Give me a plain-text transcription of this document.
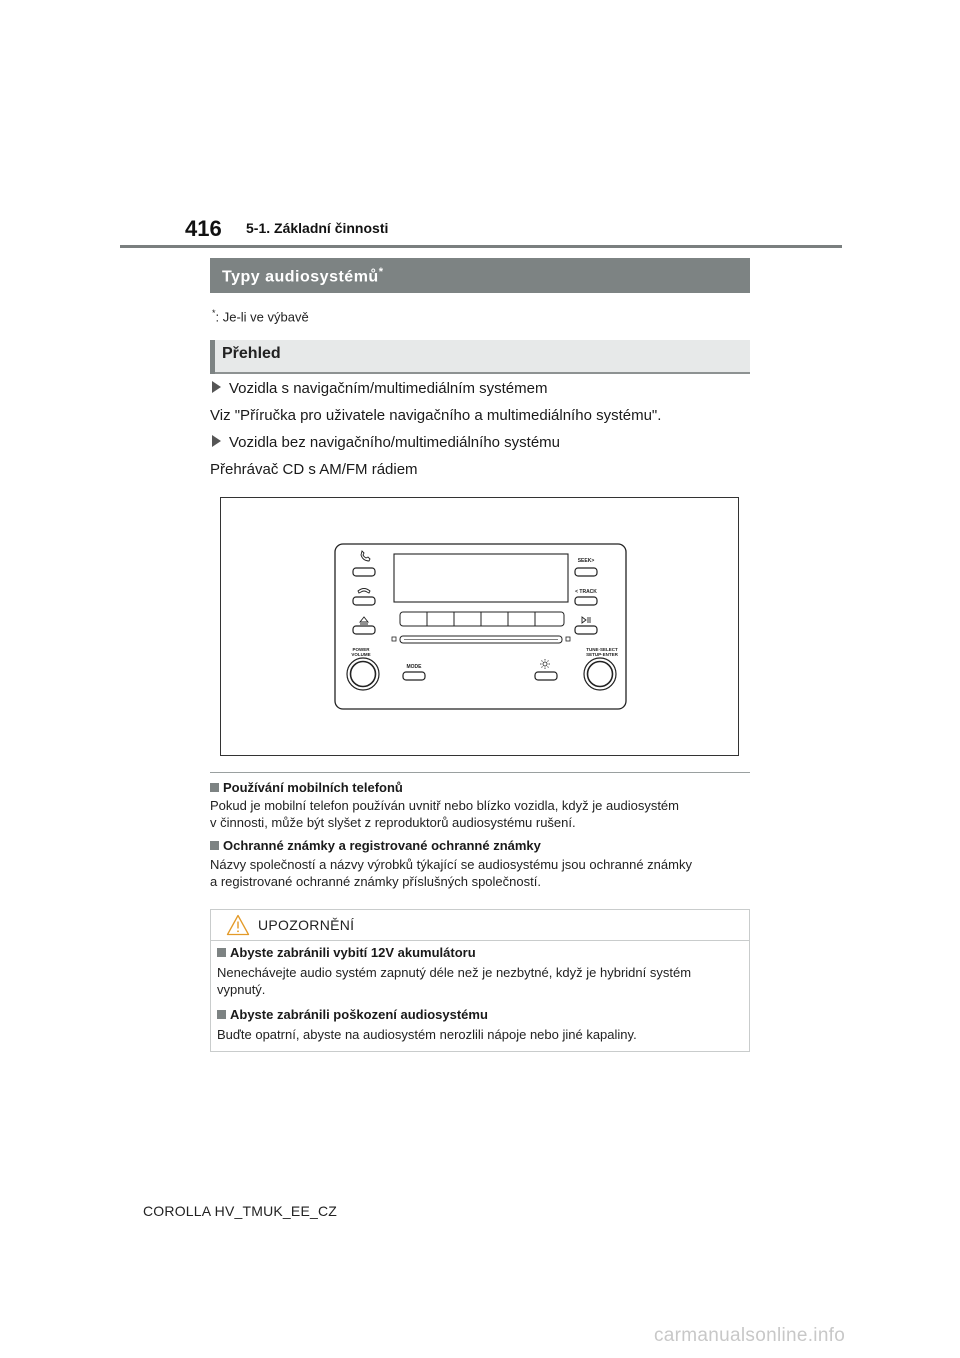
416 5-1. Základní činnosti
Typy audiosystémů*
*: Je-li ve výbavě
Přehled
Vozidla s navigačním/multimediálním systémem
Viz "Příručka pro uživatele navigačního a multimediálního systému".
Vozidla bez navigačního/multimediálního systému
Přehrávač CD s AM/FM rádiem
SEEK>
< TRACK
POWER
VOLUME
TUNE·SELECT
SETUP·ENTER
MODE
Používání mobilních telefonů
Pokud je mobilní telefon používán uvnitř nebo blízko vozidla, když je audiosystém
v činnosti, může být slyšet z reproduktorů audiosystému rušení.
Ochranné známky a registrované ochranné známky
Názvy společností a názvy výrobků týkající se audiosystému jsou ochranné známky
a registrované ochranné známky příslušných společností.
UPOZORNĚNÍ
Abyste zabránili vybití 12V akumulátoru
Nenechávejte audio systém zapnutý déle než je nezbytné, když je hybridní systém
vypnutý.
Abyste zabránili poškození audiosystému
Buďte opatrní, abyste na audiosystém nerozlili nápoje nebo jiné kapaliny.
COROLLA HV_TMUK_EE_CZ
carmanualsonline.info
